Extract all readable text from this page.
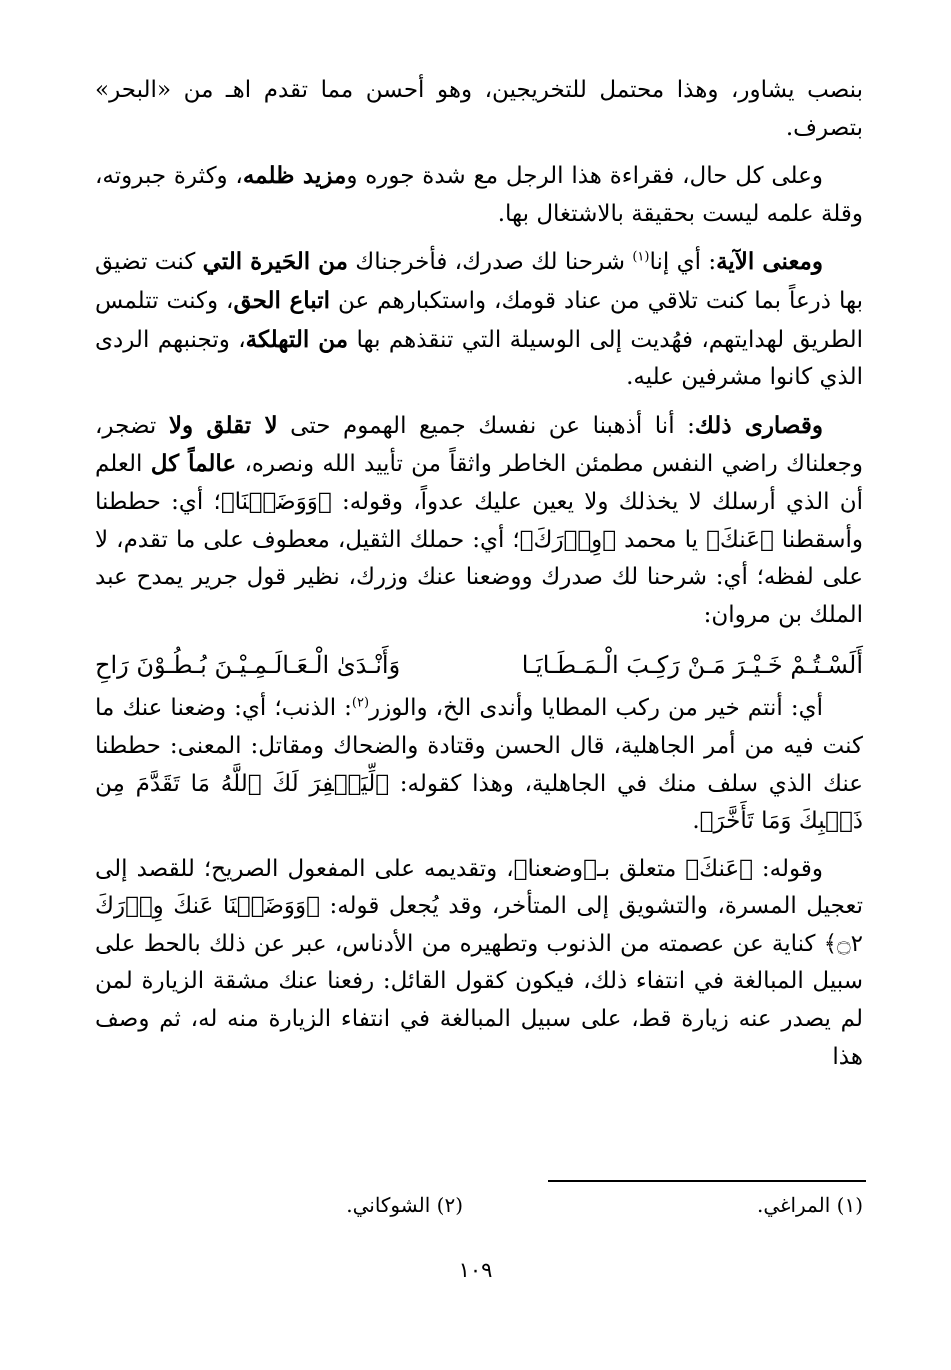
بنصب يشاور، وهذا محتمل للتخريجين، وهو أحسن مما تقدم اهـ من «البحر» بتصرف.

وعلى كل حال، فقراءة هذا الرجل مع شدة جوره ومزيد ظلمه، وكثرة جبروته، وقلة علمه ليست بحقيقة بالاشتغال بها.

ومعنى الآية: أي إنا$^{(١)}$ شرحنا لك صدرك، فأخرجناك من الحَيرة التي كنت تضيق بها ذرعاً بما كنت تلاقي من عناد قومك، واستكبارهم عن اتباع الحق، وكنت تتلمس الطريق لهدايتهم، فهُديت إلى الوسيلة التي تنقذهم بها من التهلكة، وتجنبهم الردى الذي كانوا مشرفين عليه.

وقصارى ذلك: أنا أذهبنا عن نفسك جميع الهموم حتى لا تقلق ولا تضجر، وجعلناك راضي النفس مطمئن الخاطر واثقاً من تأييد الله ونصره، عالماً كل العلم أن الذي أرسلك لا يخذلك ولا يعين عليك عدواً، وقوله: ﴿وَوَضَعۡنَا﴾؛ أي: حططنا وأسقطنا ﴿عَنكَ﴾ يا محمد ﴿وِزۡرَكَ﴾؛ أي: حملك الثقيل، معطوف على ما تقدم، لا على لفظه؛ أي: شرحنا لك صدرك ووضعنا عنك وزرك، نظير قول جرير يمدح عبد الملك بن مروان:

أَلَسْـتُـمْ خَـيْـرَ مَـنْ رَكِـبَ الْـمَـطَـايَـا
وَأَنْـدَىٰ الْـعَـالَـمِـيْـنَ بُـطُـوْنَ رَاحِ

أي: أنتم خير من ركب المطايا وأندى الخ، والوزر$^{(٢)}$: الذنب؛ أي: وضعنا عنك ما كنت فيه من أمر الجاهلية، قال الحسن وقتادة والضحاك ومقاتل: المعنى: حططنا عنك الذي سلف منك في الجاهلية، وهذا كقوله: ﴿لِّيَغۡفِرَ لَكَ ٱللَّهُ مَا تَقَدَّمَ مِن ذَنۢبِكَ وَمَا تَأَخَّرَ﴾.

وقوله: ﴿عَنكَ﴾ متعلق بـ﴿وضعنا﴾، وتقديمه على المفعول الصريح؛ للقصد إلى تعجيل المسرة، والتشويق إلى المتأخر، وقد يُجعل قوله: ﴿وَوَضَعۡنَا عَنكَ وِزۡرَكَ ۝٢﴾ كناية عن عصمته من الذنوب وتطهيره من الأدناس، عبر عن ذلك بالحط على سبيل المبالغة في انتفاء ذلك، فيكون كقول القائل: رفعنا عنك مشقة الزيارة لمن لم يصدر عنه زيارة قط، على سبيل المبالغة في انتفاء الزيارة منه له، ثم وصف هذا

(١) المراغي.
(٢) الشوكاني.
١٠٩
